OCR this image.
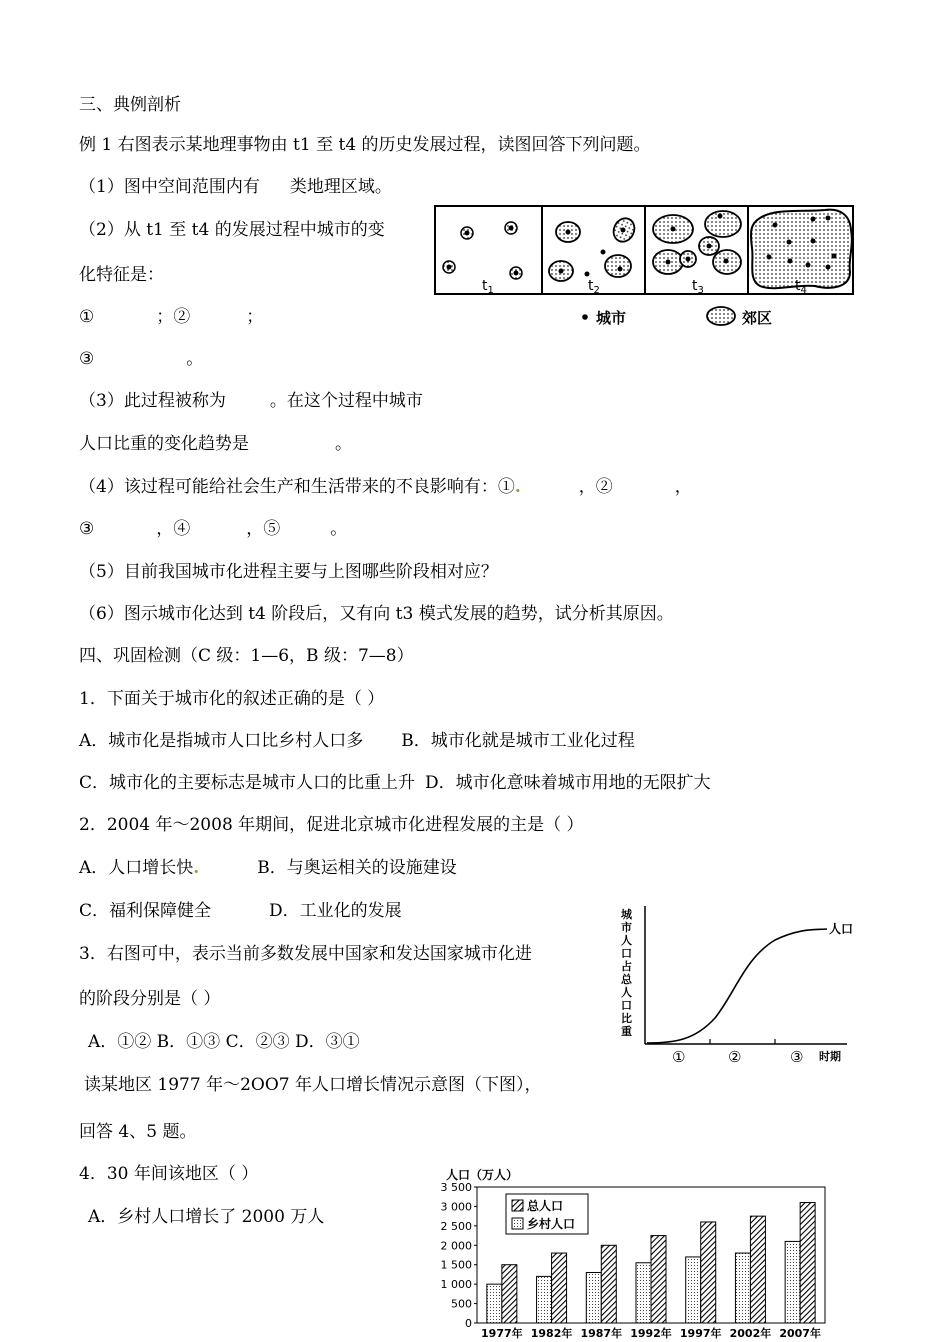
三、典例剖析
例 1 右图表示某地理事物由 t1 至 t4 的历史发展过程，读图回答下列问题。
（1）图中空间范围内有 类地理区域。
（2）从 t1 至 t4 的发展过程中城市的变
化特征是：
①	；②	；
③	。
（3）此过程被称为	。在这个过程中城市
人口比重的变化趋势是	。
（4）该过程可能给社会生产和生活带来的不良影响有：①.	，②	，
③	，④	，⑤	。
（5）目前我国城市化进程主要与上图哪些阶段相对应？
（6）图示城市化达到 t4 阶段后，又有向 t3 模式发展的趋势，试分析其原因。
四、巩固检测（C 级：1—6，B 级：7—8）
1．下面关于城市化的叙述正确的是（ ）
A．城市化是指城市人口比乡村人口多 B．城市化就是城市工业化过程
C．城市化的主要标志是城市人口的比重上升 D．城市化意味着城市用地的无限扩大
2．2004 年～2008 年期间，促进北京城市化进程发展的主是（ ）
A．人口增长快.	B．与奥运相关的设施建设
C．福利保障健全	D．工业化的发展
3．右图可中，表示当前多数发展中国家和发达国家城市化进
的阶段分别是（ ）
A．①② B．①③ C．②③ D．③①
读某地区 1977 年～2OO7 年人口增长情况示意图（下图），
回答 4、5 题。
4．30 年间该地区（ ）
A．乡村人口增长了 2000 万人
$t_1$	$t_2$	$t_3$	$t_4$
城市	郊区
城
市
人
口
占
总
人
口
比
重
人口
①	②	③ 时期
人口（万人）
0
500
1 000
1 500
2 000
2 500
3 000
3 500
1977年 1982年 1987年 1992年 1997年 2002年 2007年
总人口
乡村人口
